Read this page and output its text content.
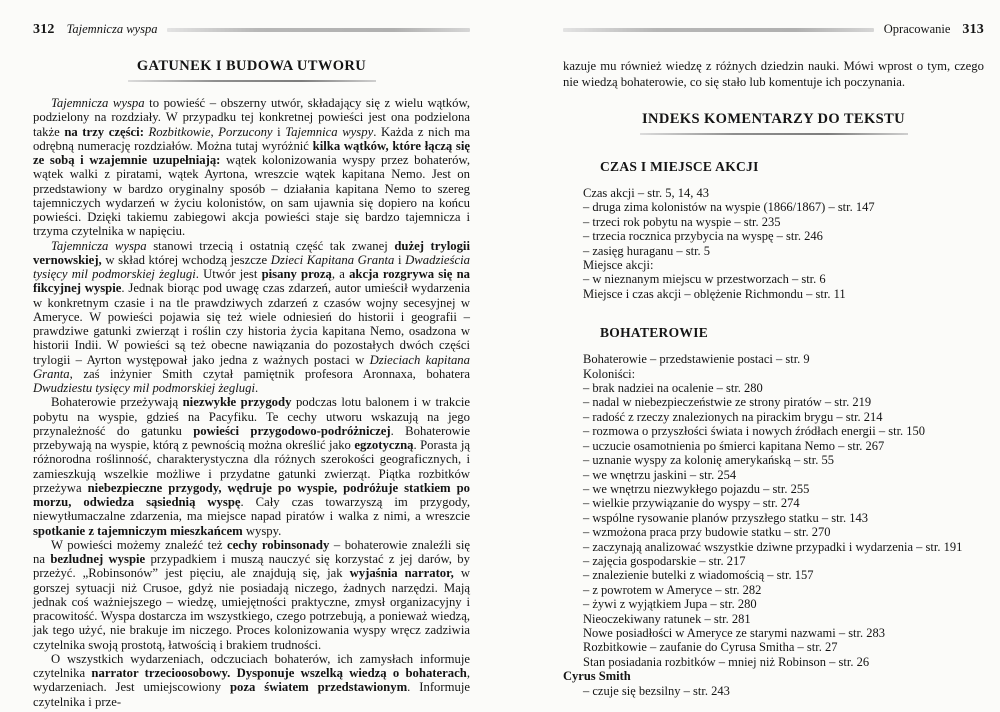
312 Tajemnicza wyspa
GATUNEK I BUDOWA UTWORU

Tajemnicza wyspa to powieść – obszerny utwór, składający się z wielu wątków, podzielony na rozdziały. W przypadku tej konkretnej powieści jest ona podzielona także na trzy części: Rozbitkowie, Porzucony i Tajemnica wyspy. Każda z nich ma odrębną numerację rozdziałów. Można tutaj wyróżnić kilka wątków, które łączą się ze sobą i wzajemnie uzupełniają: wątek kolonizowania wyspy przez bohaterów, wątek walki z piratami, wątek Ayrtona, wreszcie wątek kapitana Nemo. Jest on przedstawiony w bardzo oryginalny sposób – działania kapitana Nemo to szereg tajemniczych wydarzeń w życiu kolonistów, on sam ujawnia się dopiero na końcu powieści. Dzięki takiemu zabiegowi akcja powieści staje się bardzo tajemnicza i trzyma czytelnika w napięciu.

Tajemnicza wyspa stanowi trzecią i ostatnią część tak zwanej dużej trylogii vernowskiej, w skład której wchodzą jeszcze Dzieci Kapitana Granta i Dwadzieścia tysięcy mil podmorskiej żeglugi. Utwór jest pisany prozą, a akcja rozgrywa się na fikcyjnej wyspie. Jednak biorąc pod uwagę czas zdarzeń, autor umieścił wydarzenia w konkretnym czasie i na tle prawdziwych zdarzeń z czasów wojny secesyjnej w Ameryce. W powieści pojawia się też wiele odniesień do historii i geografii – prawdziwe gatunki zwierząt i roślin czy historia życia kapitana Nemo, osadzona w historii Indii. W powieści są też obecne nawiązania do pozostałych dwóch części trylogii – Ayrton występował jako jedna z ważnych postaci w Dzieciach kapitana Granta, zaś inżynier Smith czytał pamiętnik profesora Aronnaxa, bohatera Dwudziestu tysięcy mil podmorskiej żeglugi.

Bohaterowie przeżywają niezwykłe przygody podczas lotu balonem i w trakcie pobytu na wyspie, gdzieś na Pacyfiku. Te cechy utworu wskazują na jego przynależność do gatunku powieści przygodowo-podróżniczej. Bohaterowie przebywają na wyspie, którą z pewnością można określić jako egzotyczną. Porasta ją różnorodna roślinność, charakterystyczna dla różnych szerokości geograficznych, i zamieszkują wszelkie możliwe i przydatne gatunki zwierząt. Piątka rozbitków przeżywa niebezpieczne przygody, wędruje po wyspie, podróżuje statkiem po morzu, odwiedza sąsiednią wyspę. Cały czas towarzyszą im przygody, niewytłumaczalne zdarzenia, ma miejsce napad piratów i walka z nimi, a wreszcie spotkanie z tajemniczym mieszkańcem wyspy.

W powieści możemy znaleźć też cechy robinsonady – bohaterowie znaleźli się na bezludnej wyspie przypadkiem i muszą nauczyć się korzystać z jej darów, by przeżyć. „Robinsonów” jest pięciu, ale znajdują się, jak wyjaśnia narrator, w gorszej sytuacji niż Crusoe, gdyż nie posiadają niczego, żadnych narzędzi. Mają jednak coś ważniejszego – wiedzę, umiejętności praktyczne, zmysł organizacyjny i pracowitość. Wyspa dostarcza im wszystkiego, czego potrzebują, a ponieważ wiedzą, jak tego użyć, nie brakuje im niczego. Proces kolonizowania wyspy wręcz zadziwia czytelnika swoją prostotą, łatwością i brakiem trudności.

O wszystkich wydarzeniach, odczuciach bohaterów, ich zamysłach informuje czytelnika narrator trzecioosobowy. Dysponuje wszelką wiedzą o bohaterach, wydarzeniach. Jest umiejscowiony poza światem przedstawionym. Informuje czytelnika i prze-

Opracowanie 313

kazuje mu również wiedzę z różnych dziedzin nauki. Mówi wprost o tym, czego nie wiedzą bohaterowie, co się stało lub komentuje ich poczynania.

INDEKS KOMENTARZY DO TEKSTU
CZAS I MIEJSCE AKCJI
Czas akcji – str. 5, 14, 43
– druga zima kolonistów na wyspie (1866/1867) – str. 147
– trzeci rok pobytu na wyspie – str. 235
– trzecia rocznica przybycia na wyspę – str. 246
– zasięg huraganu – str. 5
Miejsce akcji:
– w nieznanym miejscu w przestworzach – str. 6
Miejsce i czas akcji – oblężenie Richmondu – str. 11
BOHATEROWIE
Bohaterowie – przedstawienie postaci – str. 9
Koloniści:
– brak nadziei na ocalenie – str. 280
– nadal w niebezpieczeństwie ze strony piratów – str. 219
– radość z rzeczy znalezionych na pirackim brygu – str. 214
– rozmowa o przyszłości świata i nowych źródłach energii – str. 150
– uczucie osamotnienia po śmierci kapitana Nemo – str. 267
– uznanie wyspy za kolonię amerykańską – str. 55
– we wnętrzu jaskini – str. 254
– we wnętrzu niezwykłego pojazdu – str. 255
– wielkie przywiązanie do wyspy – str. 274
– wspólne rysowanie planów przyszłego statku – str. 143
– wzmożona praca przy budowie statku – str. 270
– zaczynają analizować wszystkie dziwne przypadki i wydarzenia – str. 191
– zajęcia gospodarskie – str. 217
– znalezienie butelki z wiadomością – str. 157
– z powrotem w Ameryce – str. 282
– żywi z wyjątkiem Jupa – str. 280
Nieoczekiwany ratunek – str. 281
Nowe posiadłości w Ameryce ze starymi nazwami – str. 283
Rozbitkowie – zaufanie do Cyrusa Smitha – str. 27
Stan posiadania rozbitków – mniej niż Robinson – str. 26
Cyrus Smith
– czuje się bezsilny – str. 243
